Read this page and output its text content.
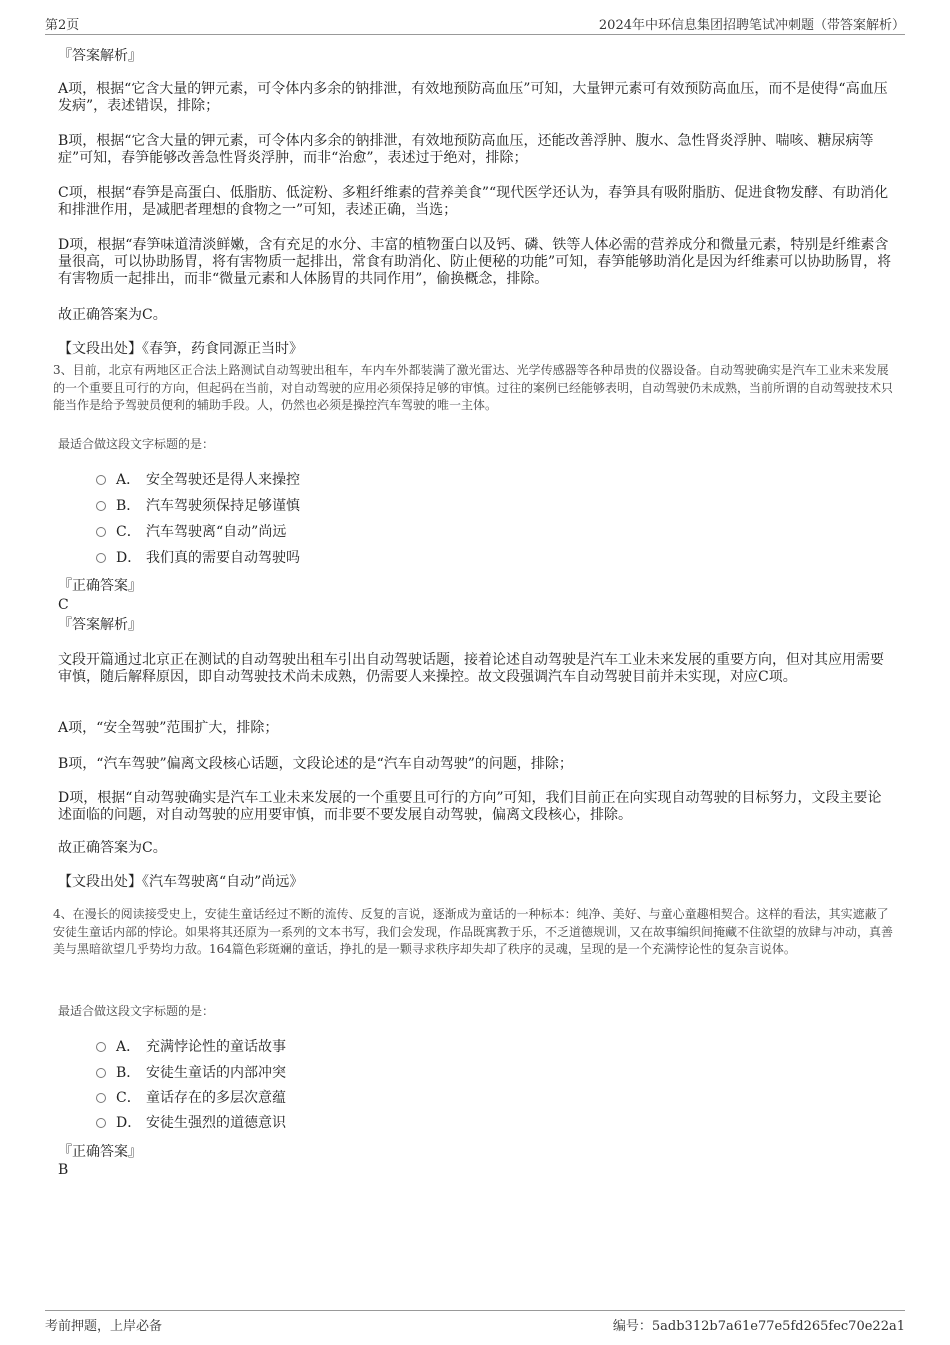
第2页	2024年中环信息集团招聘笔试冲刺题（带答案解析）
『答案解析』
A项，根据“它含大量的钾元素，可令体内多余的钠排泄，有效地预防高血压”可知，大量钾元素可有效预防高血压，而不是使得“高血压发病”，表述错误，排除；
B项，根据“它含大量的钾元素，可令体内多余的钠排泄，有效地预防高血压，还能改善浮肿、腹水、急性肾炎浮肿、喘咳、糖尿病等症”可知，春笋能够改善急性肾炎浮肿，而非“治愈”，表述过于绝对，排除；
C项，根据“春笋是高蛋白、低脂肪、低淀粉、多粗纤维素的营养美食”“现代医学还认为，春笋具有吸附脂肪、促进食物发酵、有助消化和排泄作用，是减肥者理想的食物之一”可知，表述正确，当选；
D项，根据“春笋味道清淡鲜嫩，含有充足的水分、丰富的植物蛋白以及钙、磷、铁等人体必需的营养成分和微量元素，特别是纤维素含量很高，可以协助肠胃，将有害物质一起排出，常食有助消化、防止便秘的功能”可知，春笋能够助消化是因为纤维素可以协助肠胃，将有害物质一起排出，而非“微量元素和人体肠胃的共同作用”，偷换概念，排除。
故正确答案为C。
【文段出处】《春笋，药食同源正当时》
3、目前，北京有两地区正合法上路测试自动驾驶出租车，车内车外都装满了激光雷达、光学传感器等各种昂贵的仪器设备。自动驾驶确实是汽车工业未来发展的一个重要且可行的方向，但起码在当前，对自动驾驶的应用必须保持足够的审慎。过往的案例已经能够表明，自动驾驶仍未成熟，当前所谓的自动驾驶技术只能当作是给予驾驶员便利的辅助手段。人，仍然也必须是操控汽车驾驶的唯一主体。
最适合做这段文字标题的是：
A． 安全驾驶还是得人来操控
B． 汽车驾驶须保持足够谨慎
C． 汽车驾驶离“自动”尚远
D． 我们真的需要自动驾驶吗
『正确答案』
C
『答案解析』
文段开篇通过北京正在测试的自动驾驶出租车引出自动驾驶话题，接着论述自动驾驶是汽车工业未来发展的重要方向，但对其应用需要审慎，随后解释原因，即自动驾驶技术尚未成熟，仍需要人来操控。故文段强调汽车自动驾驶目前并未实现，对应C项。
A项，“安全驾驶”范围扩大，排除；
B项，“汽车驾驶”偏离文段核心话题，文段论述的是“汽车自动驾驶”的问题，排除；
D项，根据“自动驾驶确实是汽车工业未来发展的一个重要且可行的方向”可知，我们目前正在向实现自动驾驶的目标努力，文段主要论述面临的问题，对自动驾驶的应用要审慎，而非要不要发展自动驾驶，偏离文段核心，排除。
故正确答案为C。
【文段出处】《汽车驾驶离“自动”尚远》
4、在漫长的阅读接受史上，安徒生童话经过不断的流传、反复的言说，逐渐成为童话的一种标本：纯净、美好、与童心童趣相契合。这样的看法，其实遮蔽了安徒生童话内部的悖论。如果将其还原为一系列的文本书写，我们会发现，作品既寓教于乐，不乏道德规训，又在故事编织间掩藏不住欲望的放肆与冲动，真善美与黑暗欲望几乎势均力敌。164篇色彩斑斓的童话，挣扎的是一颗寻求秩序却失却了秩序的灵魂，呈现的是一个充满悖论性的复杂言说体。
最适合做这段文字标题的是：
A． 充满悖论性的童话故事
B． 安徒生童话的内部冲突
C． 童话存在的多层次意蕴
D． 安徒生强烈的道德意识
『正确答案』
B
考前押题，上岸必备	编号：5adb312b7a61e77e5fd265fec70e22a1
